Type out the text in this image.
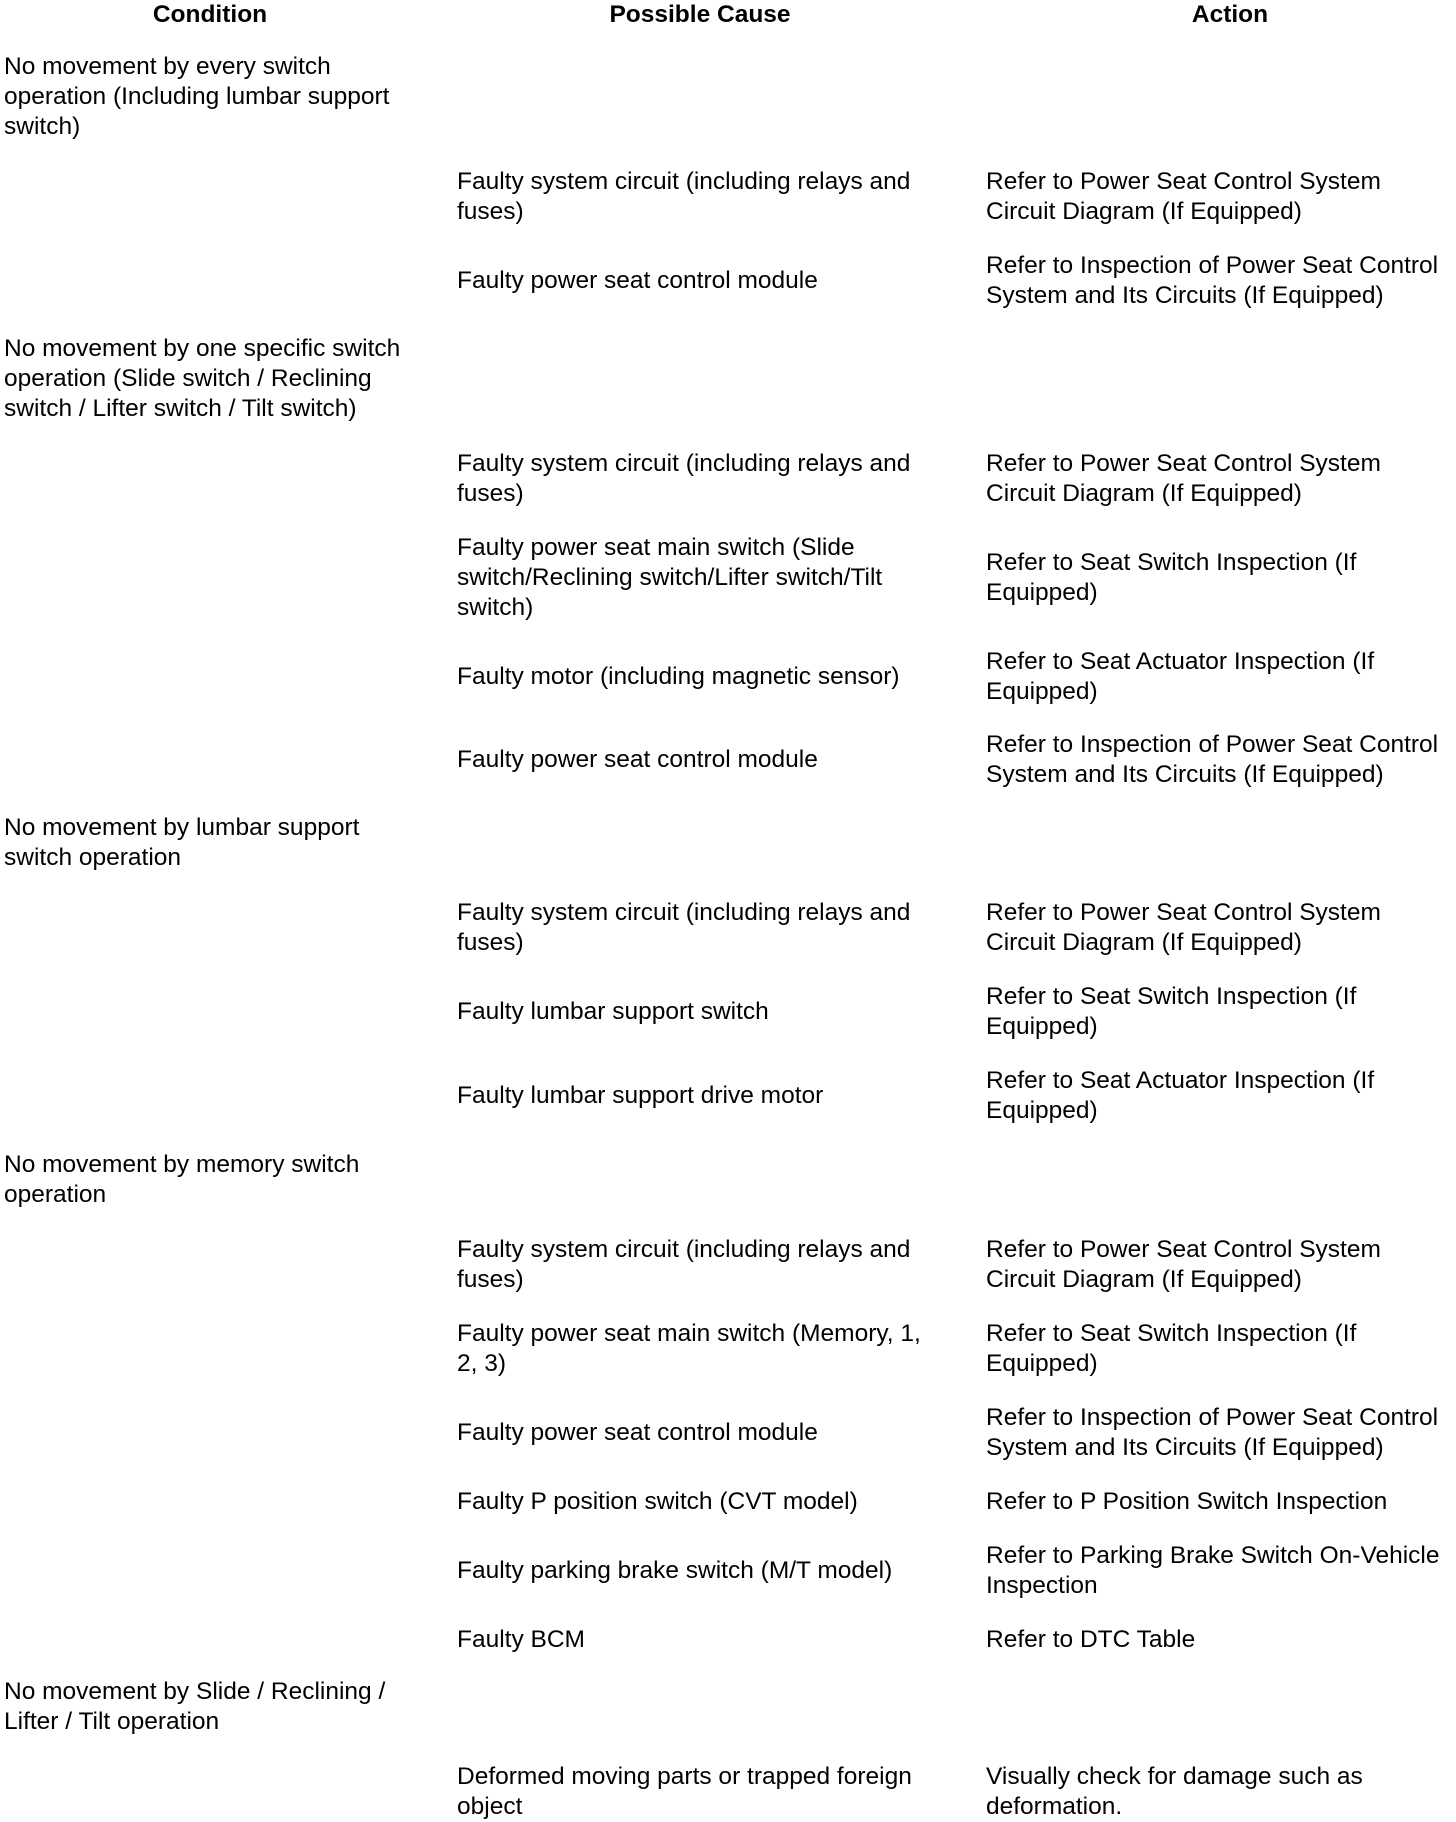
Condition	Possible Cause	Action
No movement by every switch
operation (Including lumbar support
switch)
No movement by one specific switch
operation (Slide switch / Reclining
switch / Lifter switch / Tilt switch)
No movement by lumbar support
switch operation
No movement by memory switch
operation
No movement by Slide / Reclining /
Lifter / Tilt operation
Faulty system circuit (including relays and
fuses)
Faulty power seat control module
Faulty system circuit (including relays and
fuses)
Faulty power seat main switch (Slide
switch/Reclining switch/Lifter switch/Tilt
switch)
Faulty motor (including magnetic sensor)
Faulty power seat control module
Faulty system circuit (including relays and
fuses)
Faulty lumbar support switch
Faulty lumbar support drive motor
Faulty system circuit (including relays and
fuses)
Faulty power seat main switch (Memory, 1,
2, 3)
Faulty power seat control module
Faulty P position switch (CVT model)
Faulty parking brake switch (M/T model)
Faulty BCM
Deformed moving parts or trapped foreign
object
Refer to Power Seat Control System
Circuit Diagram (If Equipped)
Refer to Inspection of Power Seat Control
System and Its Circuits (If Equipped)
Refer to Power Seat Control System
Circuit Diagram (If Equipped)
Refer to Seat Switch Inspection (If
Equipped)
Refer to Seat Actuator Inspection (If
Equipped)
Refer to Inspection of Power Seat Control
System and Its Circuits (If Equipped)
Refer to Power Seat Control System
Circuit Diagram (If Equipped)
Refer to Seat Switch Inspection (If
Equipped)
Refer to Seat Actuator Inspection (If
Equipped)
Refer to Power Seat Control System
Circuit Diagram (If Equipped)
Refer to Seat Switch Inspection (If
Equipped)
Refer to Inspection of Power Seat Control
System and Its Circuits (If Equipped)
Refer to P Position Switch Inspection
Refer to Parking Brake Switch On-Vehicle
Inspection
Refer to DTC Table
Visually check for damage such as
deformation.
